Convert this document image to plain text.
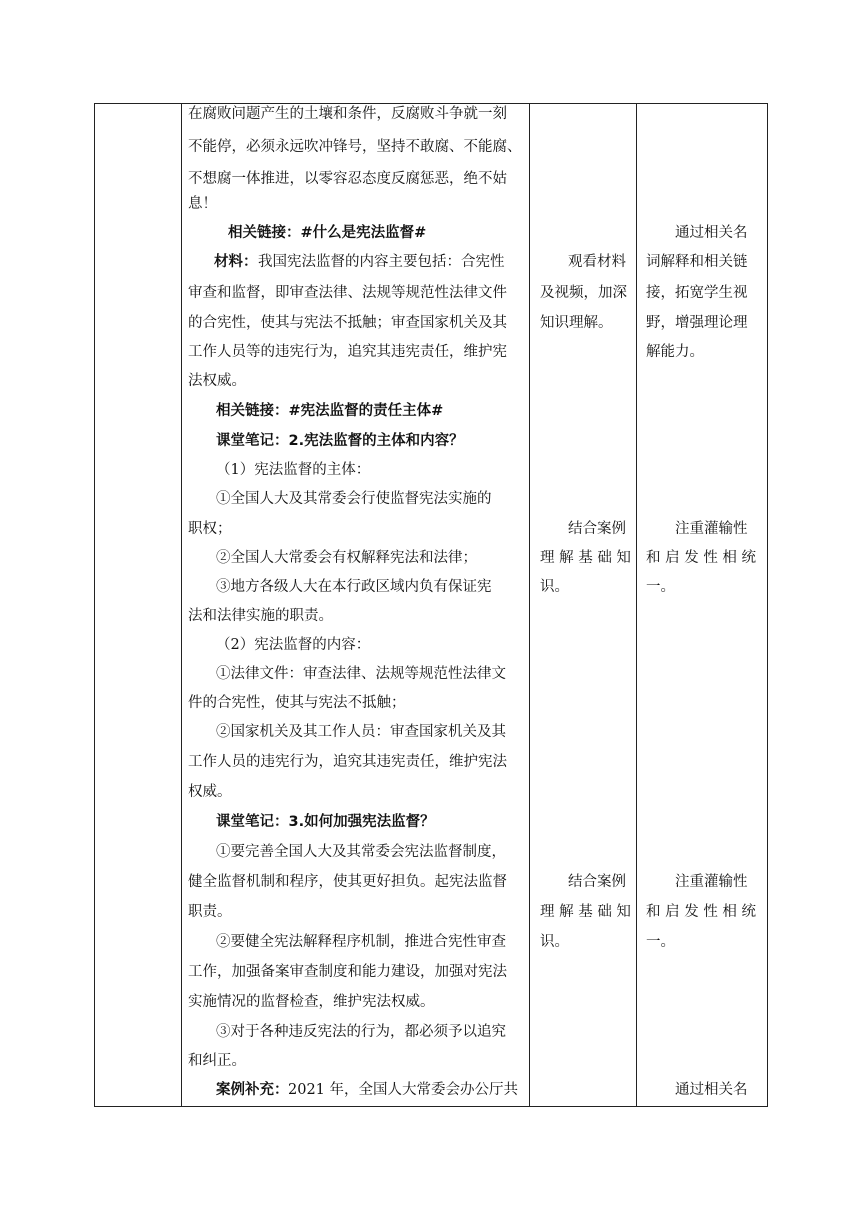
在腐败问题产生的土壤和条件，反腐败斗争就一刻
不能停，必须永远吹冲锋号，坚持不敢腐、不能腐、
不想腐一体推进，以零容忍态度反腐惩恶，绝不姑
息！
相关链接：#什么是宪法监督#
材料： 我国宪法监督的内容主要包括：合宪性
审查和监督，即审查法律、法规等规范性法律文件
的合宪性，使其与宪法不抵触；审查国家机关及其
工作人员等的违宪行为，追究其违宪责任，维护宪
法权威。
相关链接：#宪法监督的责任主体#
课堂笔记：2.宪法监督的主体和内容？
（1）宪法监督的主体：
①全国人大及其常委会行使监督宪法实施的
职权；
②全国人大常委会有权解释宪法和法律；
③地方各级人大在本行政区域内负有保证宪
法和法律实施的职责。
（2）宪法监督的内容：
①法律文件：审查法律、法规等规范性法律文
件的合宪性，使其与宪法不抵触；
②国家机关及其工作人员：审查国家机关及其
工作人员的违宪行为，追究其违宪责任，维护宪法
权威。
课堂笔记：3.如何加强宪法监督？
①要完善全国人大及其常委会宪法监督制度，
健全监督机制和程序，使其更好担负。起宪法监督
职责。
②要健全宪法解释程序机制，推进合宪性审查
工作，加强备案审查制度和能力建设，加强对宪法
实施情况的监督检查，维护宪法权威。
③对于各种违反宪法的行为，都必须予以追究
和纠正。
案例补充： 2021 年，全国人大常委会办公厅共
观看材料
及视频，加深
知识理解。
结合案例
理 解 基 础 知
识。
结合案例
理 解 基 础 知
识。
通过相关名
词解释和相关链
接，拓宽学生视
野，增强理论理
解能力。
注重灌输性
和 启 发 性 相 统
一。
注重灌输性
和 启 发 性 相 统
一。
通过相关名
